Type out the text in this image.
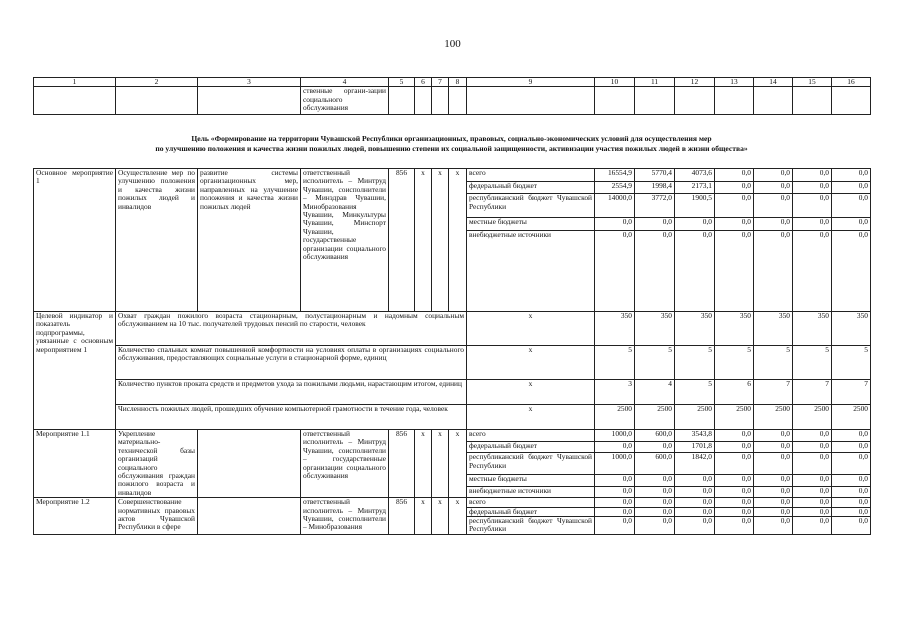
100
1	2	3	4	5	6	7	8	9	10	11	12	13	14	15	16
			ственные органи-зации социального обслуживания												
Цель «Формирование на территории Чувашской Республики организационных, правовых, социально-экономических условий для осуществления мер
по улучшению положения и качества жизни пожилых людей, повышению степени их социальной защищенности, активизации участия пожилых людей в жизни общества»
Основное мероприятие 1	Осуществление мер по улучшению положения и качества жизни пожилых людей и инвалидов	развитие системы организационных мер, направленных на улучшение положения и качества жизни пожилых людей	ответственный исполнитель – Минтруд Чувашии, соисполнители – Минздрав Чувашии, Минобразования Чувашии, Минкультуры Чувашии, Минспорт Чувашии, государственные организации социального обслуживания	856	x	x	x	всего	16554,9	5770,4	4073,6	0,0	0,0	0,0	0,0
								федеральный бюджет	2554,9	1998,4	2173,1	0,0	0,0	0,0	0,0
								республиканский бюджет Чувашской Республики	14000,0	3772,0	1900,5	0,0	0,0	0,0	0,0
								местные бюджеты	0,0	0,0	0,0	0,0	0,0	0,0	0,0
								внебюджетные источники	0,0	0,0	0,0	0,0	0,0	0,0	0,0
Целевой индикатор и показатель подпрограммы, увязанные с основным мероприятием 1	Охват граждан пожилого возраста стационарным, полустационарным и надомным социальным обслуживанием на 10 тыс. получателей трудовых пенсий по старости, человек							x	350	350	350	350	350	350	350
	Количество спальных комнат повышенной комфортности на условиях оплаты в организациях социального обслуживания, предоставляющих социальные услуги в стационарной форме, единиц							x	5	5	5	5	5	5	5
	Количество пунктов проката средств и предметов ухода за пожилыми людьми, нарастающим итогом, единиц							x	3	4	5	6	7	7	7
	Численность пожилых людей, прошедших обучение компьютерной грамотности в течение года, человек							x	2500	2500	2500	2500	2500	2500	2500
Мероприятие 1.1	Укрепление материально-технической базы организаций социального обслуживания граждан пожилого возраста и инвалидов		ответственный исполнитель – Минтруд Чувашии, соисполнители – государственные организации социального обслуживания	856	x	x	x	всего	1000,0	600,0	3543,8	0,0	0,0	0,0	0,0
								федеральный бюджет	0,0	0,0	1701,8	0,0	0,0	0,0	0,0
								республиканский бюджет Чувашской Республики	1000,0	600,0	1842,0	0,0	0,0	0,0	0,0
								местные бюджеты	0,0	0,0	0,0	0,0	0,0	0,0	0,0
								внебюджетные источники	0,0	0,0	0,0	0,0	0,0	0,0	0,0
Мероприятие 1.2	Совершенствование нормативных правовых актов Чувашской Республики в сфере		ответственный исполнитель – Минтруд Чувашии, соисполнители – Минобразования	856	x	x	x	всего	0,0	0,0	0,0	0,0	0,0	0,0	0,0
								федеральный бюджет	0,0	0,0	0,0	0,0	0,0	0,0	0,0
								республиканский бюджет Чувашской Республики	0,0	0,0	0,0	0,0	0,0	0,0	0,0
